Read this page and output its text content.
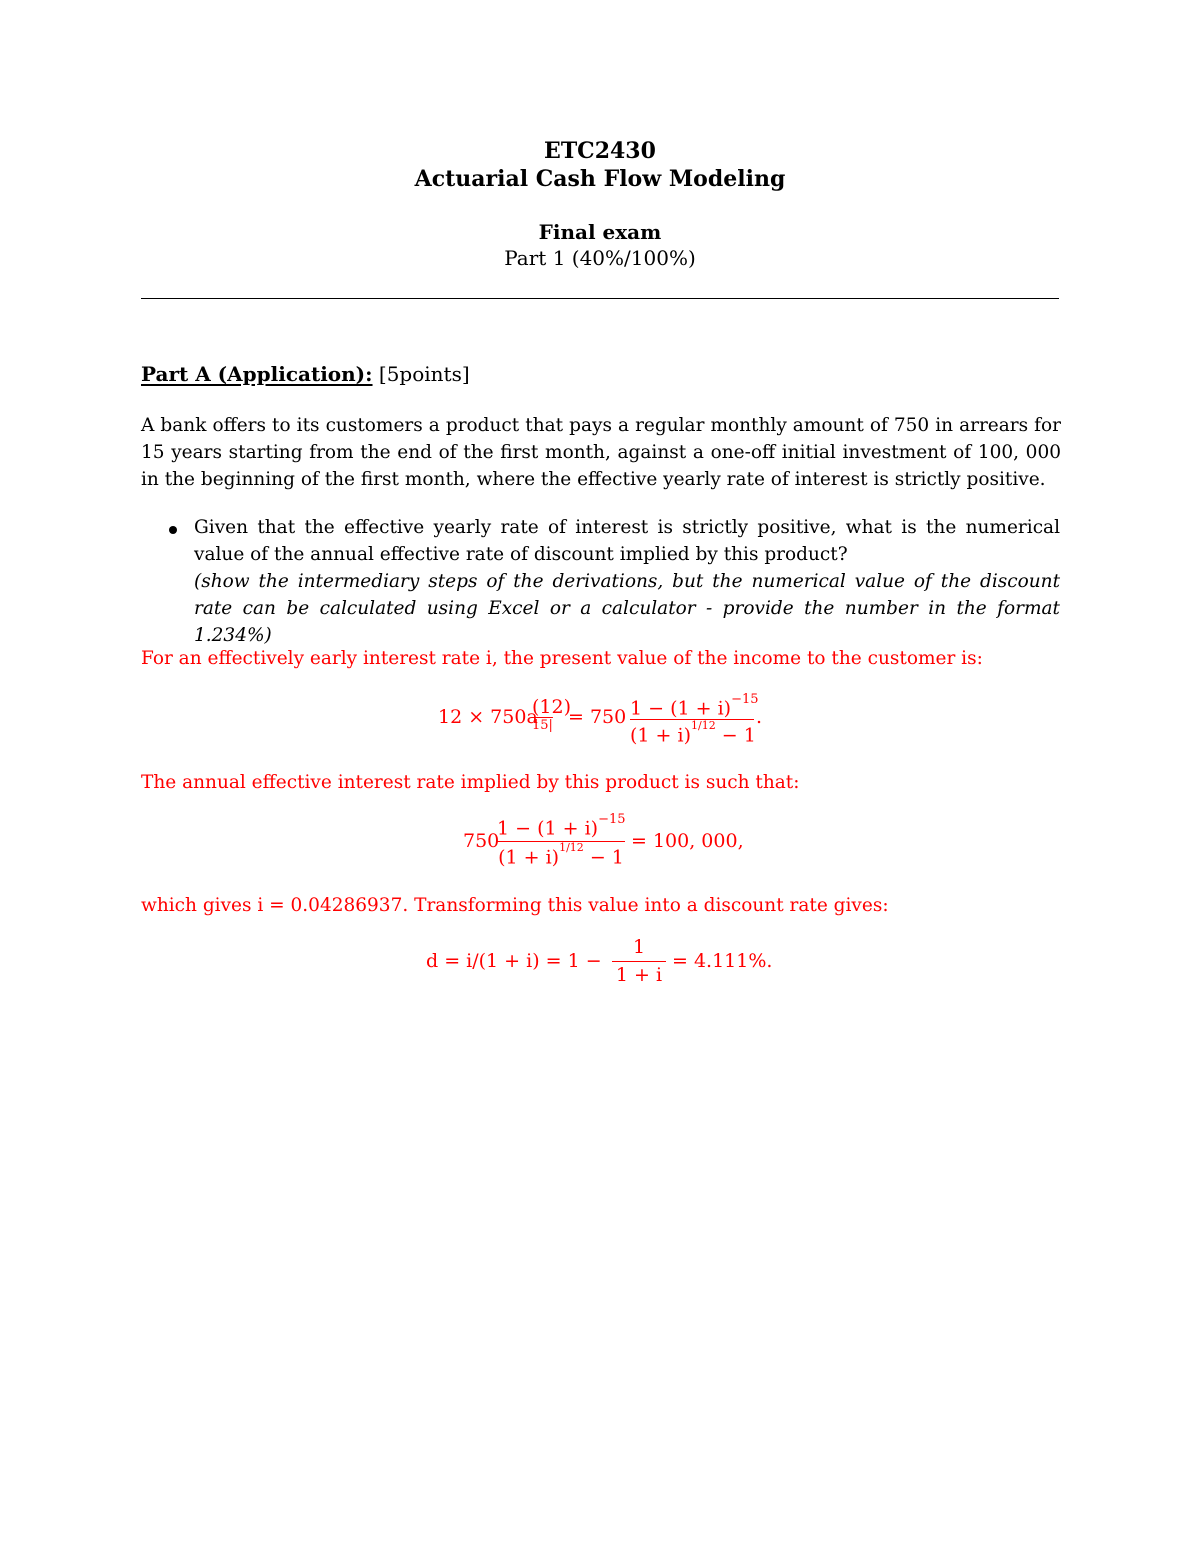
ETC2430
Actuarial Cash Flow Modeling
Final exam
Part 1 (40%/100%)
Part A (Application): [5points]
A bank offers to its customers a product that pays a regular monthly amount of 750 in arrears for 15 years starting from the end of the first month, against a one-off initial investment of 100, 000 in the beginning of the first month, where the effective yearly rate of interest is strictly positive.
Given that the effective yearly rate of interest is strictly positive, what is the numerical value of the annual effective rate of discount implied by this product?
(show the intermediary steps of the derivations, but the numerical value of the discount rate can be calculated using Excel or a calculator - provide the number in the format 1.234%)
For an effectively early interest rate i, the present value of the income to the customer is:
12 × 750a
(12)
15| = 750 $1 - (1 + i)^{-15}$
$(1 + i)^{1/12} - 1$
.
The annual effective interest rate implied by this product is such that:
750
$1 - (1 + i)^{-15}$
$(1 + i)^{1/12} - 1$
= 100, 000,
which gives i = 0.04286937. Transforming this value into a discount rate gives:
d = i/(1 + i) = 1 −
1
1 + i
= 4.111%.
